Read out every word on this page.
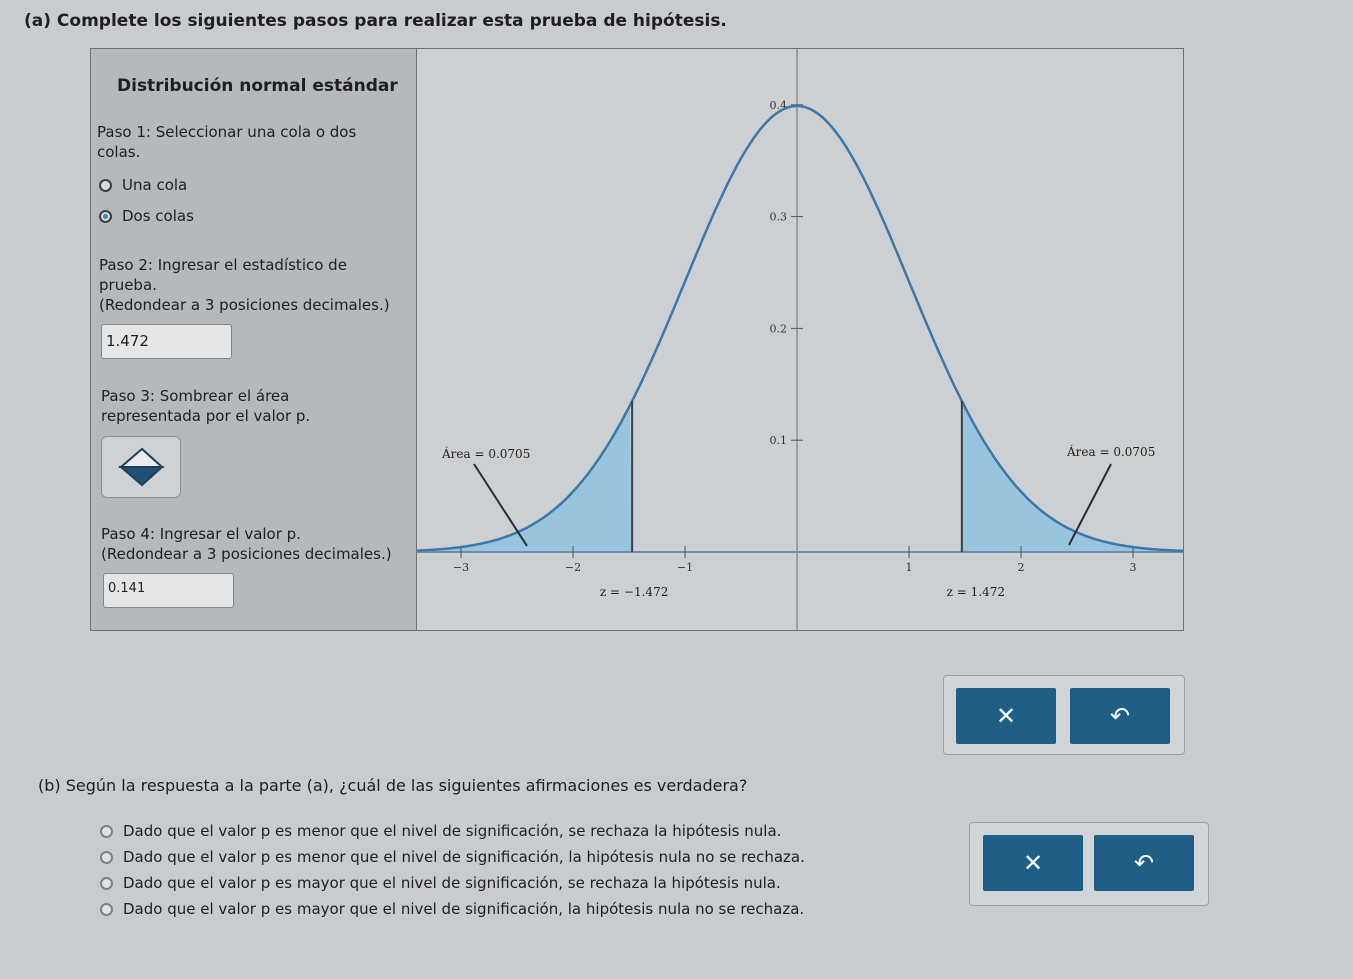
(a) Complete los siguientes pasos para realizar esta prueba de hipótesis.
Distribución normal estándar
Paso 1: Seleccionar una cola o dos
colas.
Una cola
Dos colas
Paso 2: Ingresar el estadístico de
prueba.
(Redondear a 3 posiciones decimales.)
1.472
Paso 3: Sombrear el área
representada por el valor p.
Paso 4: Ingresar el valor p.
(Redondear a 3 posiciones decimales.)
0.141
0.4
0.3
0.2
0.1
−3	−2	−1	1	2	3
Área = 0.0705	Área = 0.0705
z = −1.472	z = 1.472
✕	↶
(b) Según la respuesta a la parte (a), ¿cuál de las siguientes afirmaciones es verdadera?
Dado que el valor p es menor que el nivel de significación, se rechaza la hipótesis nula.
Dado que el valor p es menor que el nivel de significación, la hipótesis nula no se rechaza.
Dado que el valor p es mayor que el nivel de significación, se rechaza la hipótesis nula.
Dado que el valor p es mayor que el nivel de significación, la hipótesis nula no se rechaza.
✕	↶
